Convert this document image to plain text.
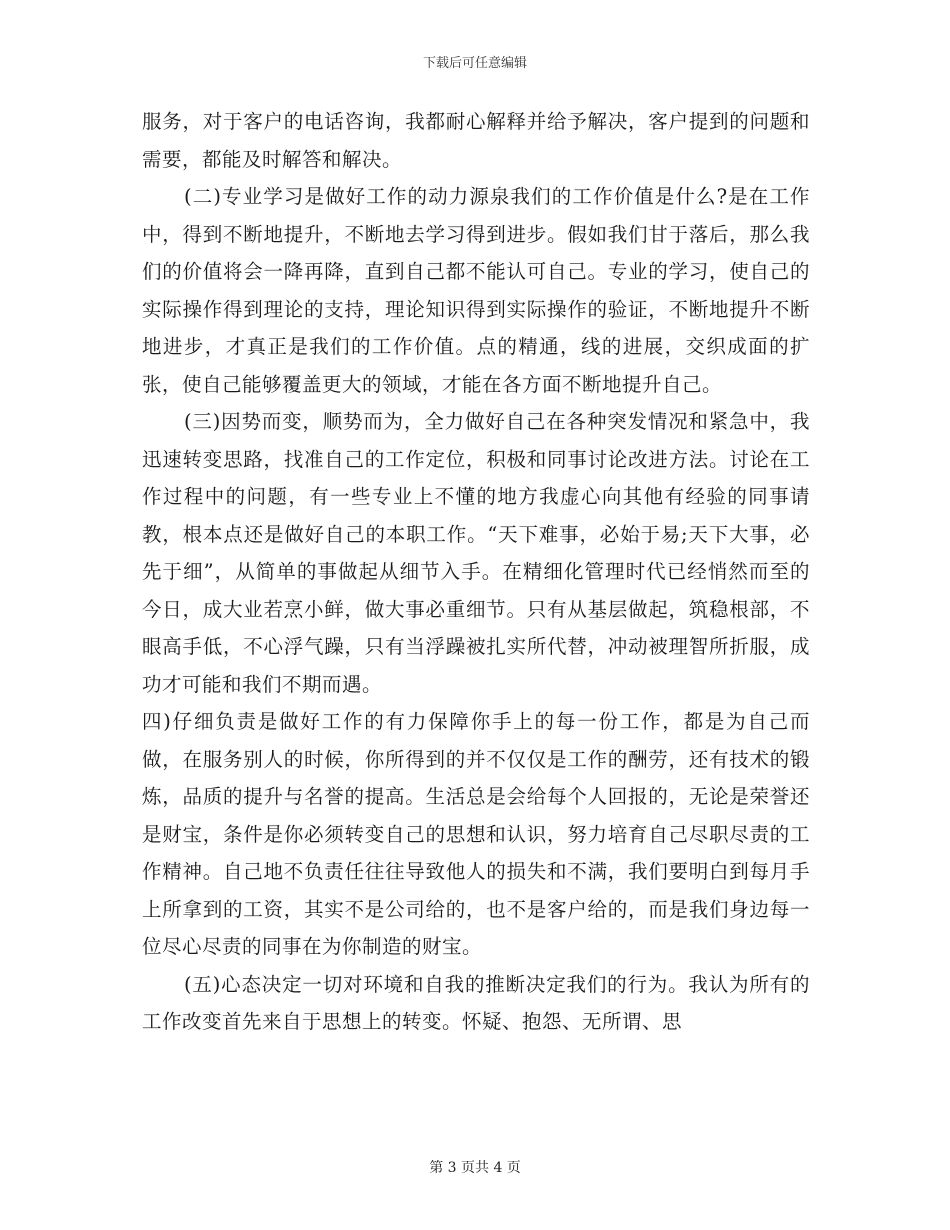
下载后可任意编辑

服务，对于客户的电话咨询，我都耐心解释并给予解决，客户提到的问题和需要，都能及时解答和解决。

(二)专业学习是做好工作的动力源泉我们的工作价值是什么?是在工作中，得到不断地提升，不断地去学习得到进步。假如我们甘于落后，那么我们的价值将会一降再降，直到自己都不能认可自己。专业的学习，使自己的实际操作得到理论的支持，理论知识得到实际操作的验证，不断地提升不断地进步，才真正是我们的工作价值。点的精通，线的进展，交织成面的扩张，使自己能够覆盖更大的领域，才能在各方面不断地提升自己。

(三)因势而变，顺势而为，全力做好自己在各种突发情况和紧急中，我迅速转变思路，找准自己的工作定位，积极和同事讨论改进方法。讨论在工作过程中的问题，有一些专业上不懂的地方我虚心向其他有经验的同事请教，根本点还是做好自己的本职工作。“天下难事，必始于易;天下大事，必先于细”，从简单的事做起从细节入手。在精细化管理时代已经悄然而至的今日，成大业若烹小鲜，做大事必重细节。只有从基层做起，筑稳根部，不眼高手低，不心浮气躁，只有当浮躁被扎实所代替，冲动被理智所折服，成功才可能和我们不期而遇。

四)仔细负责是做好工作的有力保障你手上的每一份工作，都是为自己而做，在服务别人的时候，你所得到的并不仅仅是工作的酬劳，还有技术的锻炼，品质的提升与名誉的提高。生活总是会给每个人回报的，无论是荣誉还是财宝，条件是你必须转变自己的思想和认识，努力培育自己尽职尽责的工作精神。自己地不负责任往往导致他人的损失和不满，我们要明白到每月手上所拿到的工资，其实不是公司给的，也不是客户给的，而是我们身边每一位尽心尽责的同事在为你制造的财宝。

(五)心态决定一切对环境和自我的推断决定我们的行为。我认为所有的工作改变首先来自于思想上的转变。怀疑、抱怨、无所谓、思

第 3 页共 4 页
